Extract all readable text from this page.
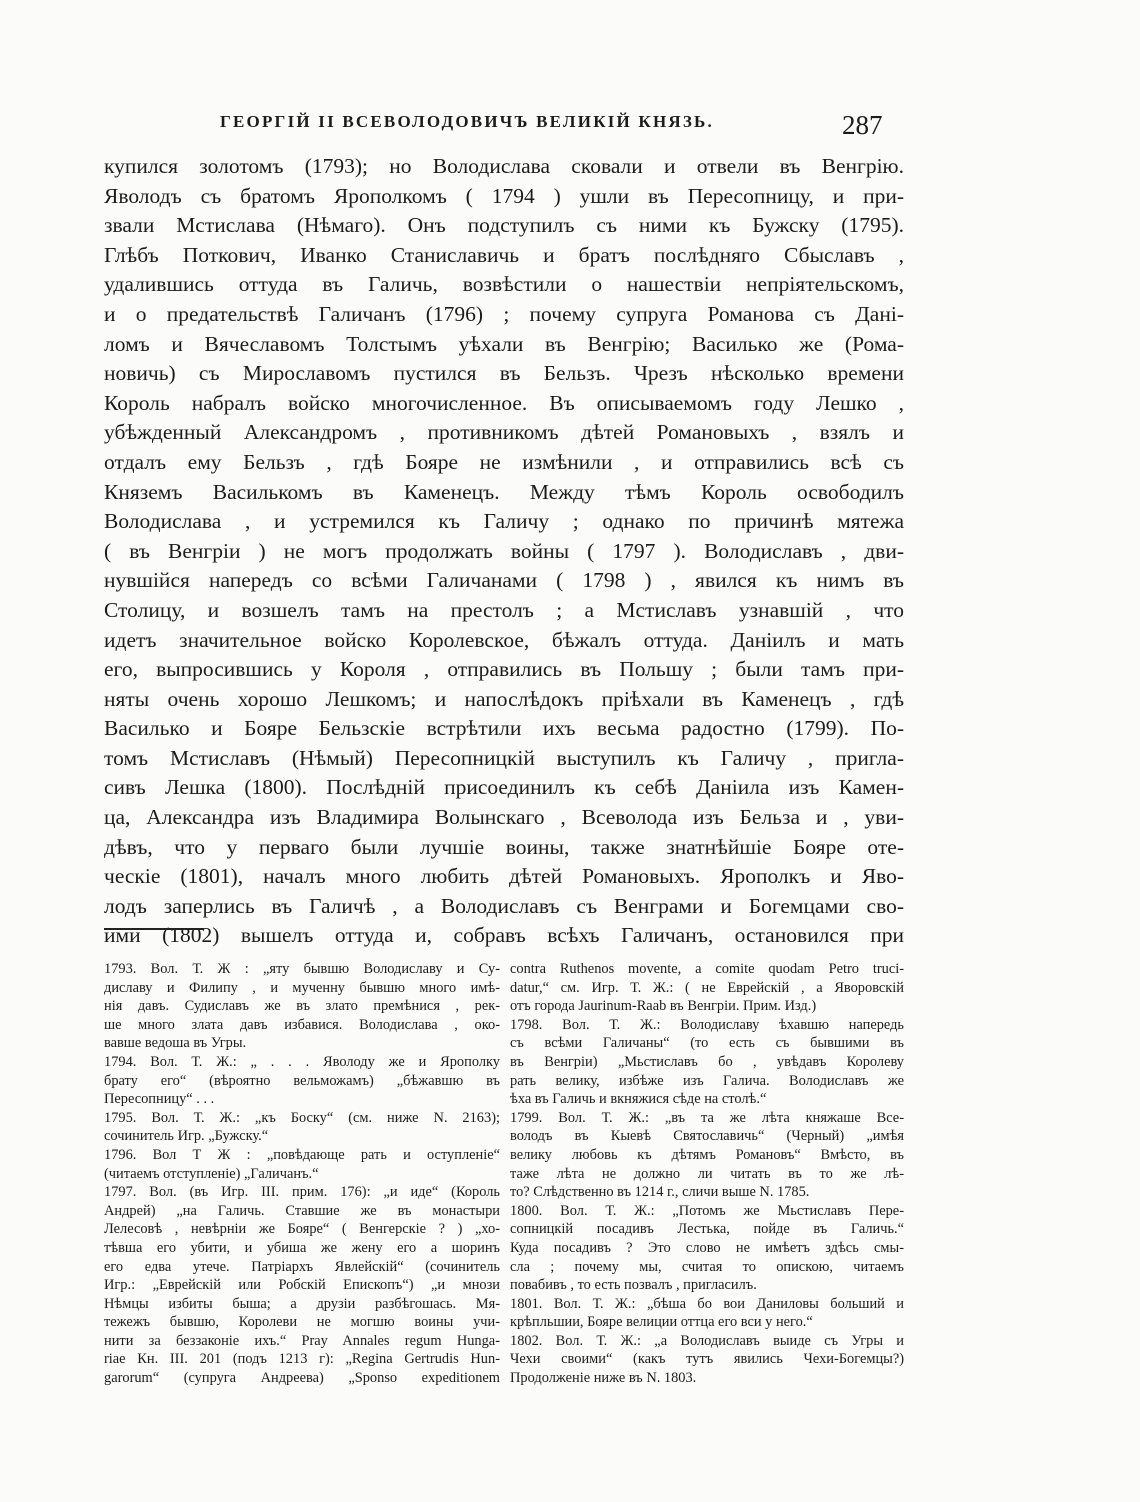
ГЕОРГІЙ II ВСЕВОЛОДОВИЧЪ ВЕЛИКІЙ КНЯЗЬ.	287
купился золотомъ (1793); но Володислава сковали и отвели въ Венгрію.
Яволодъ съ братомъ Ярополкомъ ( 1794 ) ушли въ Пересопницу, и при-
звали Мстислава (Нѣмаго). Онъ подступилъ съ ними къ Бужску (1795).
Глѣбъ Поткович, Иванко Станиславичь и братъ послѣдняго Сбыславъ ,
удалившись оттуда въ Галичь, возвѣстили о нашествіи непріятельскомъ,
и о предательствѣ Галичанъ (1796) ; почему супруга Романова съ Дані-
ломъ и Вячеславомъ Толстымъ уѣхали въ Венгрію; Василько же (Рома-
новичь) съ Мирославомъ пустился въ Бельзъ. Чрезъ нѣсколько времени
Король набралъ войско многочисленное. Въ описываемомъ году Лешко ,
убѣжденный Александромъ , противникомъ дѣтей Романовыхъ , взялъ и
отдалъ ему Бельзъ , гдѣ Бояре не измѣнили , и отправились всѣ съ
Княземъ Василькомъ въ Каменецъ. Между тѣмъ Король освободилъ
Володислава , и устремился къ Галичу ; однако по причинѣ мятежа
( въ Венгріи ) не могъ продолжать войны ( 1797 ). Володиславъ , дви-
нувшійся напередъ со всѣми Галичанами ( 1798 ) , явился къ нимъ въ
Столицу, и возшелъ тамъ на престолъ ; а Мстиславъ узнавшій , что
идетъ значительное войско Королевское, бѣжалъ оттуда. Даніилъ и мать
его, выпросившись у Короля , отправились въ Польшу ; были тамъ при-
няты очень хорошо Лешкомъ; и напослѣдокъ пріѣхали въ Каменецъ , гдѣ
Василько и Бояре Бельзскіе встрѣтили ихъ весьма радостно (1799). По-
томъ Мстиславъ (Нѣмый) Пересопницкій выступилъ къ Галичу , пригла-
сивъ Лешка (1800). Послѣдній присоединилъ къ себѣ Даніила изъ Камен-
ца, Александра изъ Владимира Волынскаго , Всеволода изъ Бельза и , уви-
дѣвъ, что у перваго были лучшіе воины, также знатнѣйшіе Бояре оте-
ческіе (1801), началъ много любить дѣтей Романовыхъ. Ярополкъ и Яво-
лодъ заперлись въ Галичѣ , а Володиславъ съ Венграми и Богемцами сво-
ими (1802) вышелъ оттуда и, собравъ всѣхъ Галичанъ, остановился при
1793. Вол. Т. Ж : „яту бывшю Володиславу и Су-
диславу и Филипу , и мученну бывшю много имѣ-
нія давъ. Судиславъ же въ злато премѣнися , рек-
ше много злата давъ избавися. Володислава , око-
вавше ведоша въ Угры.
1794. Вол. Т. Ж.: „ . . . Яволоду же и Ярополку
брату его“ (вѣроятно вельможамъ) „бѣжавшю въ
Пересопницу“ . . .
1795. Вол. Т. Ж.: „къ Боску“ (см. ниже N. 2163);
сочинитель Игр. „Бужску.“
1796. Вол Т Ж : „повѣдающе рать и оступленіе“
(читаемъ отступленіе) „Галичанъ.“
1797. Вол. (въ Игр. III. прим. 176): „и иде“ (Король
Андрей) „на Галичь. Ставшие же въ монастыри
Лелесовѣ , невѣрніи же Бояре“ ( Венгерскіе ? ) „хо-
тѣвша его убити, и убиша же жену его а шоринъ
его едва утече. Патріархъ Явлейскій“ (сочинитель
Игр.: „Еврейскій или Робскій Епископъ“) „и мнози
Нѣмцы избиты быша; а друзіи разбѣгошась. Мя-
тежежъ бывшю, Королеви не могшю воины учи-
нити за беззаконіе ихъ.“ Pray Annales regum Hunga-
riae Кн. III. 201 (подъ 1213 г): „Regina Gertrudis Hun-
garorum“ (супруга Андреева) „Sponso expeditionem
contra Ruthenos movente, a comite quodam Petro truci-
datur,“ см. Игр. Т. Ж.: ( не Еврейскій , а Яворовскій
отъ города Jaurinum-Raab въ Венгріи. Прим. Изд.)
1798. Вол. Т. Ж.: Володиславу ѣхавшю напередь
съ всѣми Галичаны“ (то есть съ бывшими въ
въ Венгріи) „Мьстиславъ бо , увѣдавъ Королеву
рать велику, избѣже изъ Галича. Володиславъ же
ѣха въ Галичь и вкняжися сѣде на столѣ.“
1799. Вол. Т. Ж.: „въ та же лѣта княжаше Все-
володъ въ Кыевѣ Святославичь“ (Черный) „имѣя
велику любовь къ дѣтямъ Романовъ“ Вмѣсто, въ
таже лѣта не должно ли читать въ то же лѣ-
то? Слѣдственно въ 1214 г., сличи выше N. 1785.
1800. Вол. Т. Ж.: „Потомъ же Мьстиславъ Пере-
сопницкій посадивъ Лестька, пойде въ Галичь.“
Куда посадивъ ? Это слово не имѣетъ здѣсь смы-
сла ; почему мы, считая то опискою, читаемъ
повабивъ , то есть позвалъ , пригласилъ.
1801. Вол. Т. Ж.: „бѣша бо вои Даниловы больший и
крѣпльшии, Бояре велиции оттца его вси у него.“
1802. Вол. Т. Ж.: „а Володиславъ выиде съ Угры и
Чехи своими“ (какъ тутъ явились Чехи-Богемцы?)
Продолженіе ниже въ N. 1803.
